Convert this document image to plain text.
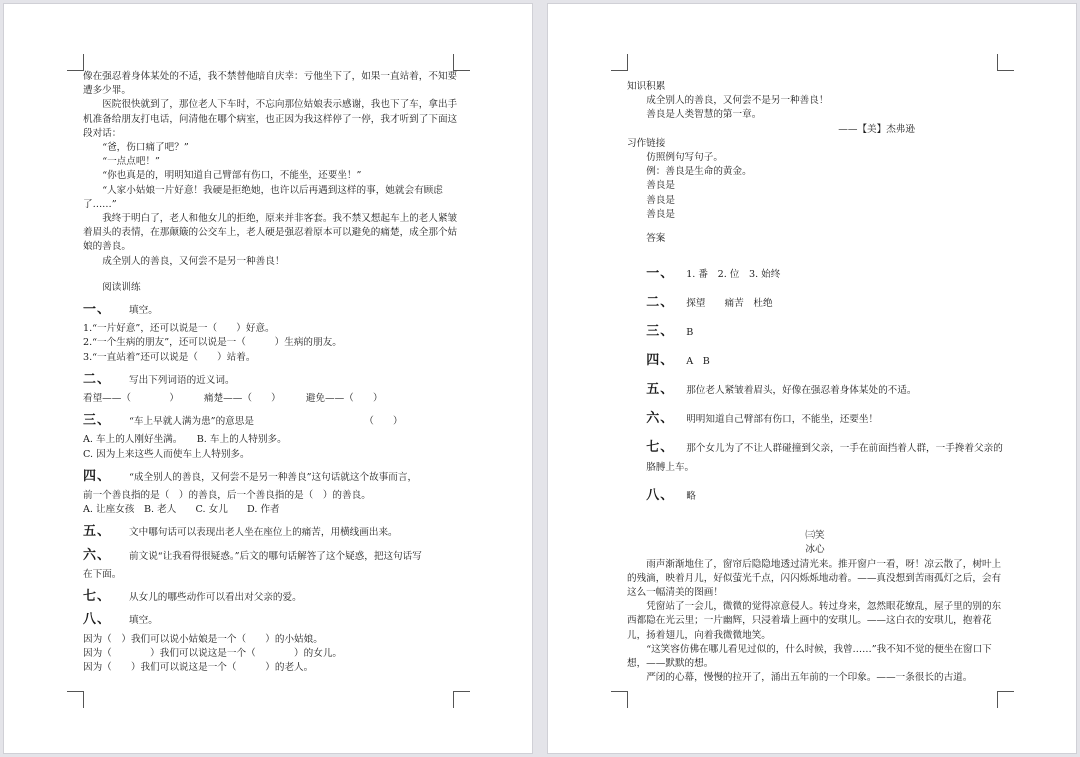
像在强忍着身体某处的不适，我不禁替他暗自庆幸：亏他坐下了，如果一直站着，不知要遭多少罪。

医院很快就到了，那位老人下车时，不忘向那位姑娘表示感谢，我也下了车，拿出手机准备给朋友打电话，问清他在哪个病室，也正因为我这样停了一停，我才听到了下面这段对话：

“爸，伤口痛了吧？”

“一点点吧！”

“你也真是的，明明知道自己臂部有伤口，不能坐，还要坐！”

“人家小姑娘一片好意！我硬是拒绝她，也许以后再遇到这样的事，她就会有顾虑了……”

我终于明白了，老人和他女儿的拒绝，原来并非客套。我不禁又想起车上的老人紧皱着眉头的表情，在那颠簸的公交车上，老人硬是强忍着原本可以避免的痛楚，成全那个姑娘的善良。

成全别人的善良，又何尝不是另一种善良！

阅读训练

一、 填空。

1.“一片好意”，还可以说是一（　　）好意。

2.“一个生病的朋友”，还可以说是一（　　　）生病的朋友。

3.“一直站着”还可以说是（　　）站着。

二、 写出下列词语的近义词。

看望——（　　　　）	痛楚——（　　）	避免——（　　）

三、 “车上早就人满为患”的意思是　　　　　　　　　　　　（　　）

A. 车上的人刚好坐满。　　B. 车上的人特别多。

C. 因为上来这些人而使车上人特别多。

四、 “成全别人的善良，又何尝不是另一种善良”这句话就这个故事而言，

前一个善良指的是（　）的善良，后一个善良指的是（　）的善良。

A. 让座女孩　B. 老人　　C. 女儿　　D. 作者

五、 文中哪句话可以表现出老人坐在座位上的痛苦，用横线画出来。
六、 前文说“让我看得很疑惑。”后文的哪句话解答了这个疑惑，把这句话写

在下面。

七、 从女儿的哪些动作可以看出对父亲的爱。
八、 填空。

因为（　）我们可以说小姑娘是一个（　　）的小姑娘。

因为（　　　　）我们可以说这是一个（　　　　）的女儿。

因为（　　）我们可以说这是一个（　　　）的老人。

知识积累

成全别人的善良，又何尝不是另一种善良！

善良是人类智慧的第一章。

——【美】杰弗逊

习作链接

仿照例句写句子。

例：善良是生命的黄金。

善良是

善良是

善良是

答案

一、 1. 番　2. 位　3. 始终
二、 探望　　痛苦　杜绝
三、 B
四、 A　B
五、 那位老人紧皱着眉头，好像在强忍着身体某处的不适。
六、 明明知道自己臂部有伤口，不能坐，还要坐！
七、 那个女儿为了不让人群碰撞到父亲，一手在前面挡着人群，一手搀着父亲的胳膊上车。
八、 略

㈢笑

冰心

雨声渐渐地住了，窗帘后隐隐地透过清光来。推开窗户一看，呀！凉云散了，树叶上的残滴，映着月儿，好似萤光千点，闪闪烁烁地动着。——真没想到苦雨孤灯之后，会有这么一幅清美的图画！

凭窗站了一会儿，微微的觉得凉意侵人。转过身来，忽然眼花缭乱，屋子里的别的东西都隐在光云里；一片幽辉，只浸着墙上画中的安琪儿。——这白衣的安琪儿，抱着花儿，扬着翅儿，向着我微微地笑。

“这笑容仿佛在哪儿看见过似的，什么时候，我曾……”我不知不觉的便坐在窗口下想，——默默的想。

严闭的心幕，慢慢的拉开了，涌出五年前的一个印象。——一条很长的古道。
